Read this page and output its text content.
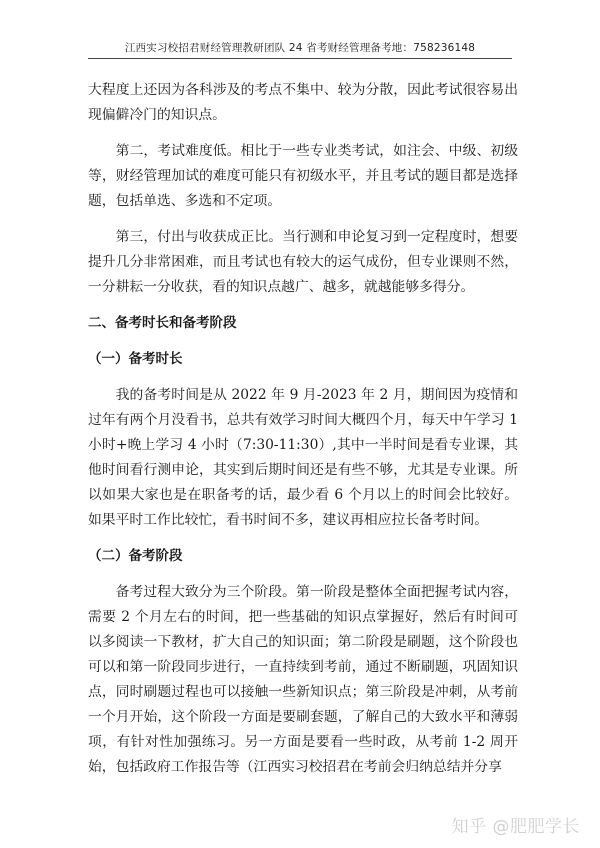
江西实习校招君财经管理教研团队 24 省考财经管理备考地：758236148

大程度上还因为各科涉及的考点不集中、较为分散，因此考试很容易出现偏僻冷门的知识点。

第二，考试难度低。相比于一些专业类考试，如注会、中级、初级等，财经管理加试的难度可能只有初级水平，并且考试的题目都是选择题，包括单选、多选和不定项。

第三，付出与收获成正比。当行测和申论复习到一定程度时，想要提升几分非常困难，而且考试也有较大的运气成份，但专业课则不然，一分耕耘一分收获，看的知识点越广、越多，就越能够多得分。

二、备考时长和备考阶段

（一）备考时长

我的备考时间是从 2022 年 9 月-2023 年 2 月，期间因为疫情和过年有两个月没看书，总共有效学习时间大概四个月，每天中午学习 1 小时+晚上学习 4 小时（7:30-11:30）,其中一半时间是看专业课，其他时间看行测申论，其实到后期时间还是有些不够，尤其是专业课。所以如果大家也是在职备考的话，最少看 6 个月以上的时间会比较好。如果平时工作比较忙，看书时间不多，建议再相应拉长备考时间。

（二）备考阶段

备考过程大致分为三个阶段。第一阶段是整体全面把握考试内容，需要 2 个月左右的时间，把一些基础的知识点掌握好，然后有时间可以多阅读一下教材，扩大自己的知识面；第二阶段是刷题，这个阶段也可以和第一阶段同步进行，一直持续到考前，通过不断刷题，巩固知识点，同时刷题过程也可以接触一些新知识点；第三阶段是冲刺，从考前一个月开始，这个阶段一方面是要刷套题，了解自己的大致水平和薄弱项，有针对性加强练习。另一方面是要看一些时政，从考前 1-2 周开始，包括政府工作报告等（江西实习校招君在考前会归纳总结并分享

知乎 @肥肥学长
